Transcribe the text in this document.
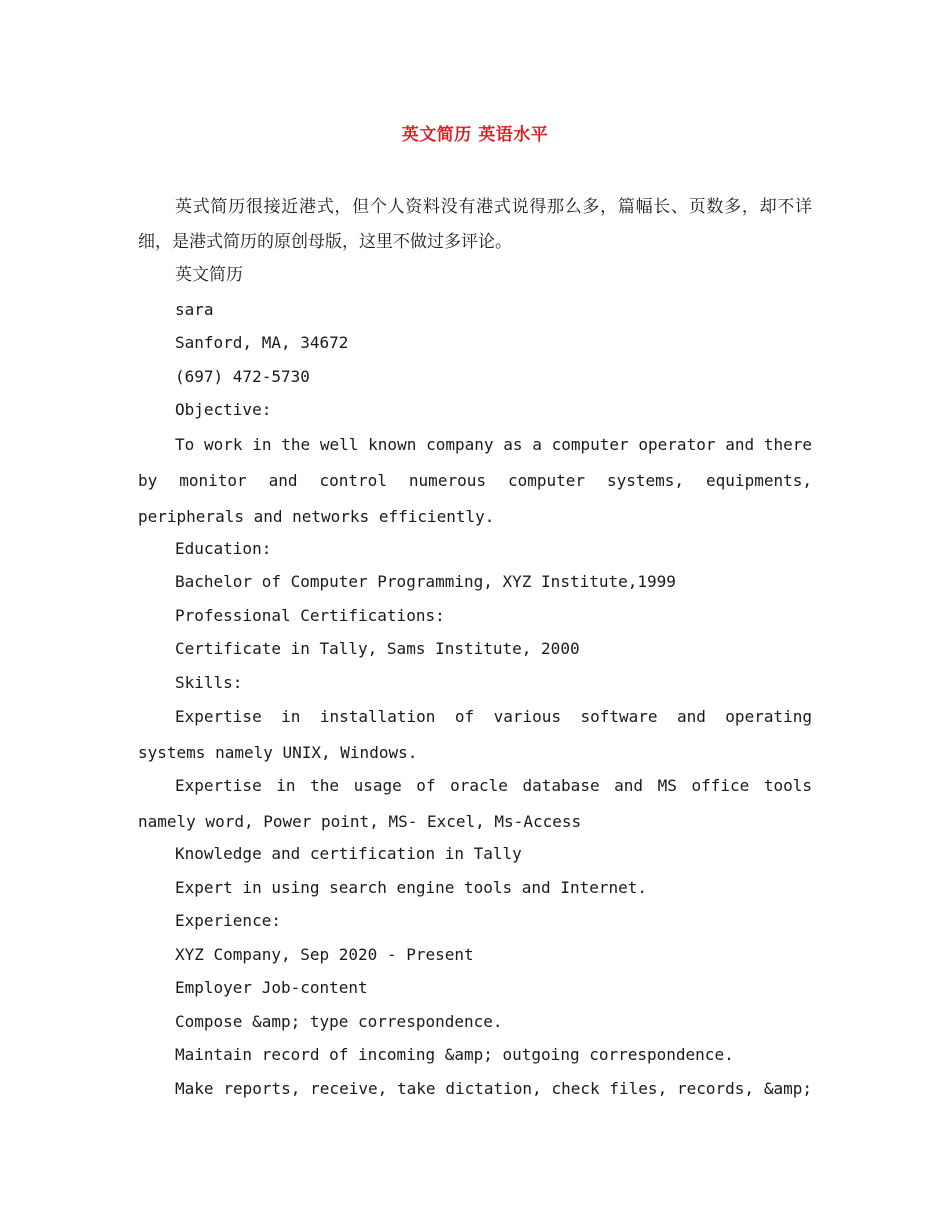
英文简历 英语水平

英式简历很接近港式，但个人资料没有港式说得那么多，篇幅长、页数多，却不详细，是港式简历的原创母版，这里不做过多评论。

英文简历

sara

Sanford, MA, 34672

(697) 472-5730

Objective:

To work in the well known company as a computer operator and there by monitor and control numerous computer systems, equipments, peripherals and networks efficiently.

Education:

Bachelor of Computer Programming, XYZ Institute,1999

Professional Certifications:

Certificate in Tally, Sams Institute, 2000

Skills:

Expertise in installation of various software and operating systems namely UNIX, Windows.

Expertise in the usage of oracle database and MS office tools namely word, Power point, MS- Excel, Ms-Access

Knowledge and certification in Tally

Expert in using search engine tools and Internet.

Experience:

XYZ Company, Sep 2020 - Present

Employer Job-content

Compose &amp; type correspondence.

Maintain record of incoming &amp; outgoing correspondence.

Make reports, receive, take dictation, check files, records, &amp;
